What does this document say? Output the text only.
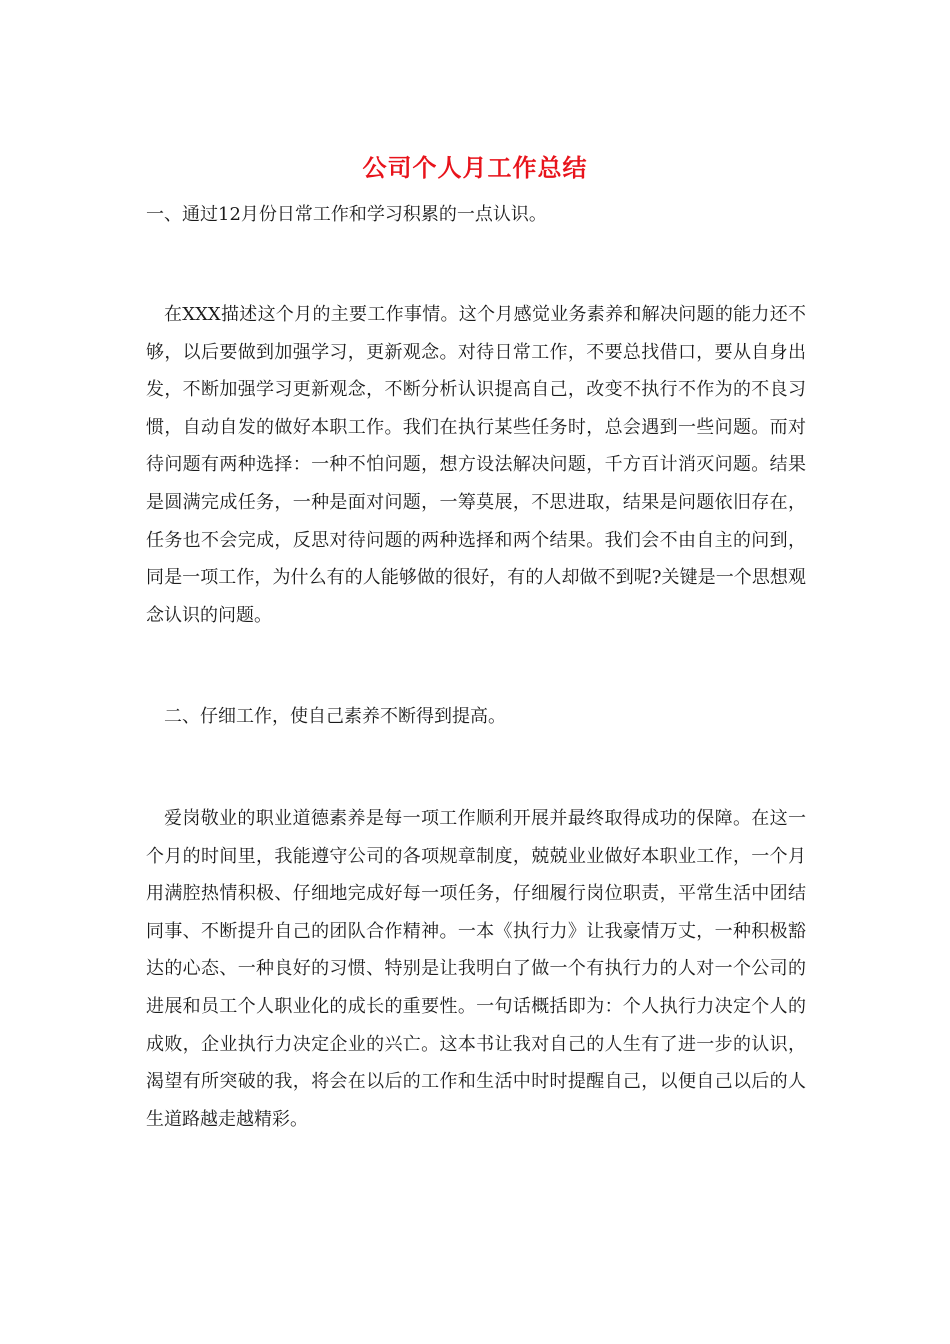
公司个人月工作总结

一、通过12月份日常工作和学习积累的一点认识。

在XXX描述这个月的主要工作事情。这个月感觉业务素养和解决问题的能力还不够，以后要做到加强学习，更新观念。对待日常工作，不要总找借口，要从自身出发，不断加强学习更新观念，不断分析认识提高自己，改变不执行不作为的不良习惯，自动自发的做好本职工作。我们在执行某些任务时，总会遇到一些问题。而对待问题有两种选择：一种不怕问题，想方设法解决问题，千方百计消灭问题。结果是圆满完成任务，一种是面对问题，一筹莫展，不思进取，结果是问题依旧存在，任务也不会完成，反思对待问题的两种选择和两个结果。我们会不由自主的问到，同是一项工作，为什么有的人能够做的很好，有的人却做不到呢?关键是一个思想观念认识的问题。

二、仔细工作，使自己素养不断得到提高。

爱岗敬业的职业道德素养是每一项工作顺利开展并最终取得成功的保障。在这一个月的时间里，我能遵守公司的各项规章制度，兢兢业业做好本职业工作，一个月用满腔热情积极、仔细地完成好每一项任务，仔细履行岗位职责，平常生活中团结同事、不断提升自己的团队合作精神。一本《执行力》让我豪情万丈，一种积极豁达的心态、一种良好的习惯、特别是让我明白了做一个有执行力的人对一个公司的进展和员工个人职业化的成长的重要性。一句话概括即为：个人执行力决定个人的成败，企业执行力决定企业的兴亡。这本书让我对自己的人生有了进一步的认识，渴望有所突破的我，将会在以后的工作和生活中时时提醒自己，以便自己以后的人生道路越走越精彩。
